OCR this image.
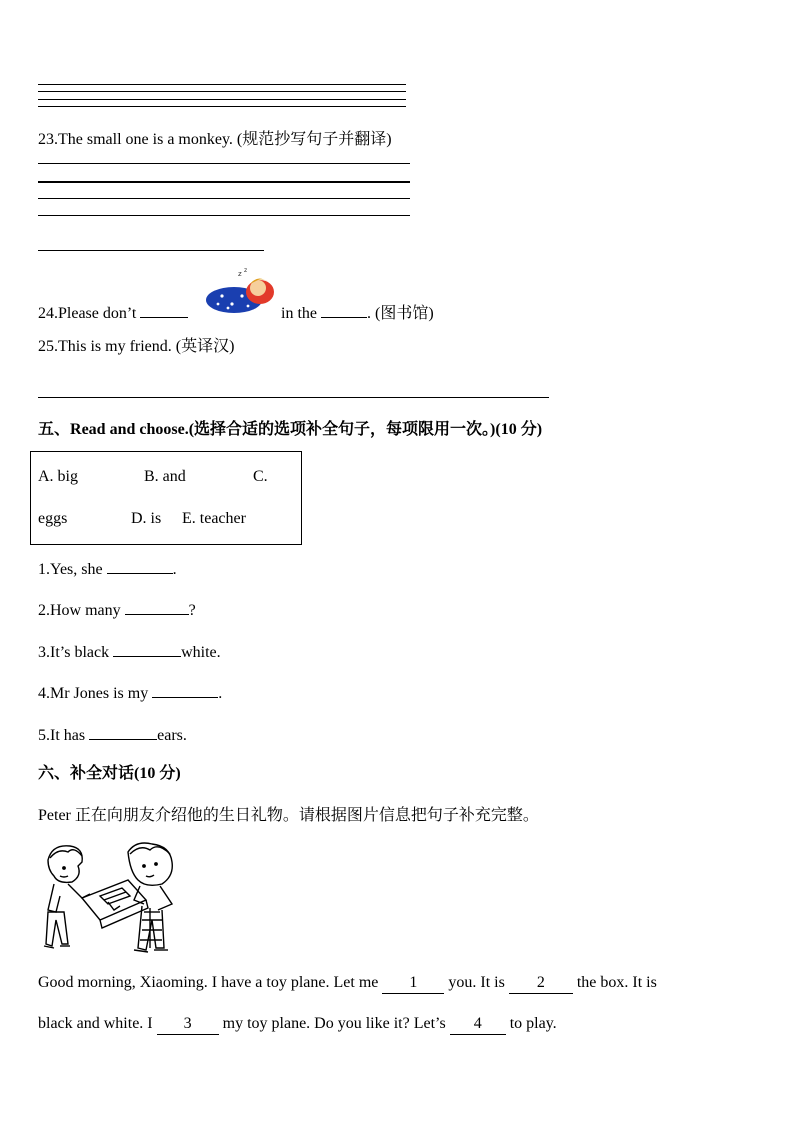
23.The small one is a monkey. (规范抄写句子并翻译)
24.Please don’t
z z
in the	. (图书馆)
25.This is my friend. (英译汉)
五、Read and choose.(选择合适的选项补全句子，每项限用一次。)(10 分)
A. big	B. and	C.
eggs	D. is E. teacher
1.Yes, she	.
2.How many	?
3.It’s black	white.
4.Mr Jones is my	.
5.It has	ears.
六、补全对话(10 分)
Peter 正在向朋友介绍他的生日礼物。请根据图片信息把句子补充完整。
Good morning, Xiaoming. I have a toy plane. Let me 1 you. It is 2 the box. It is
black and white. I 3 my toy plane. Do you like it? Let’s 4 to play.
